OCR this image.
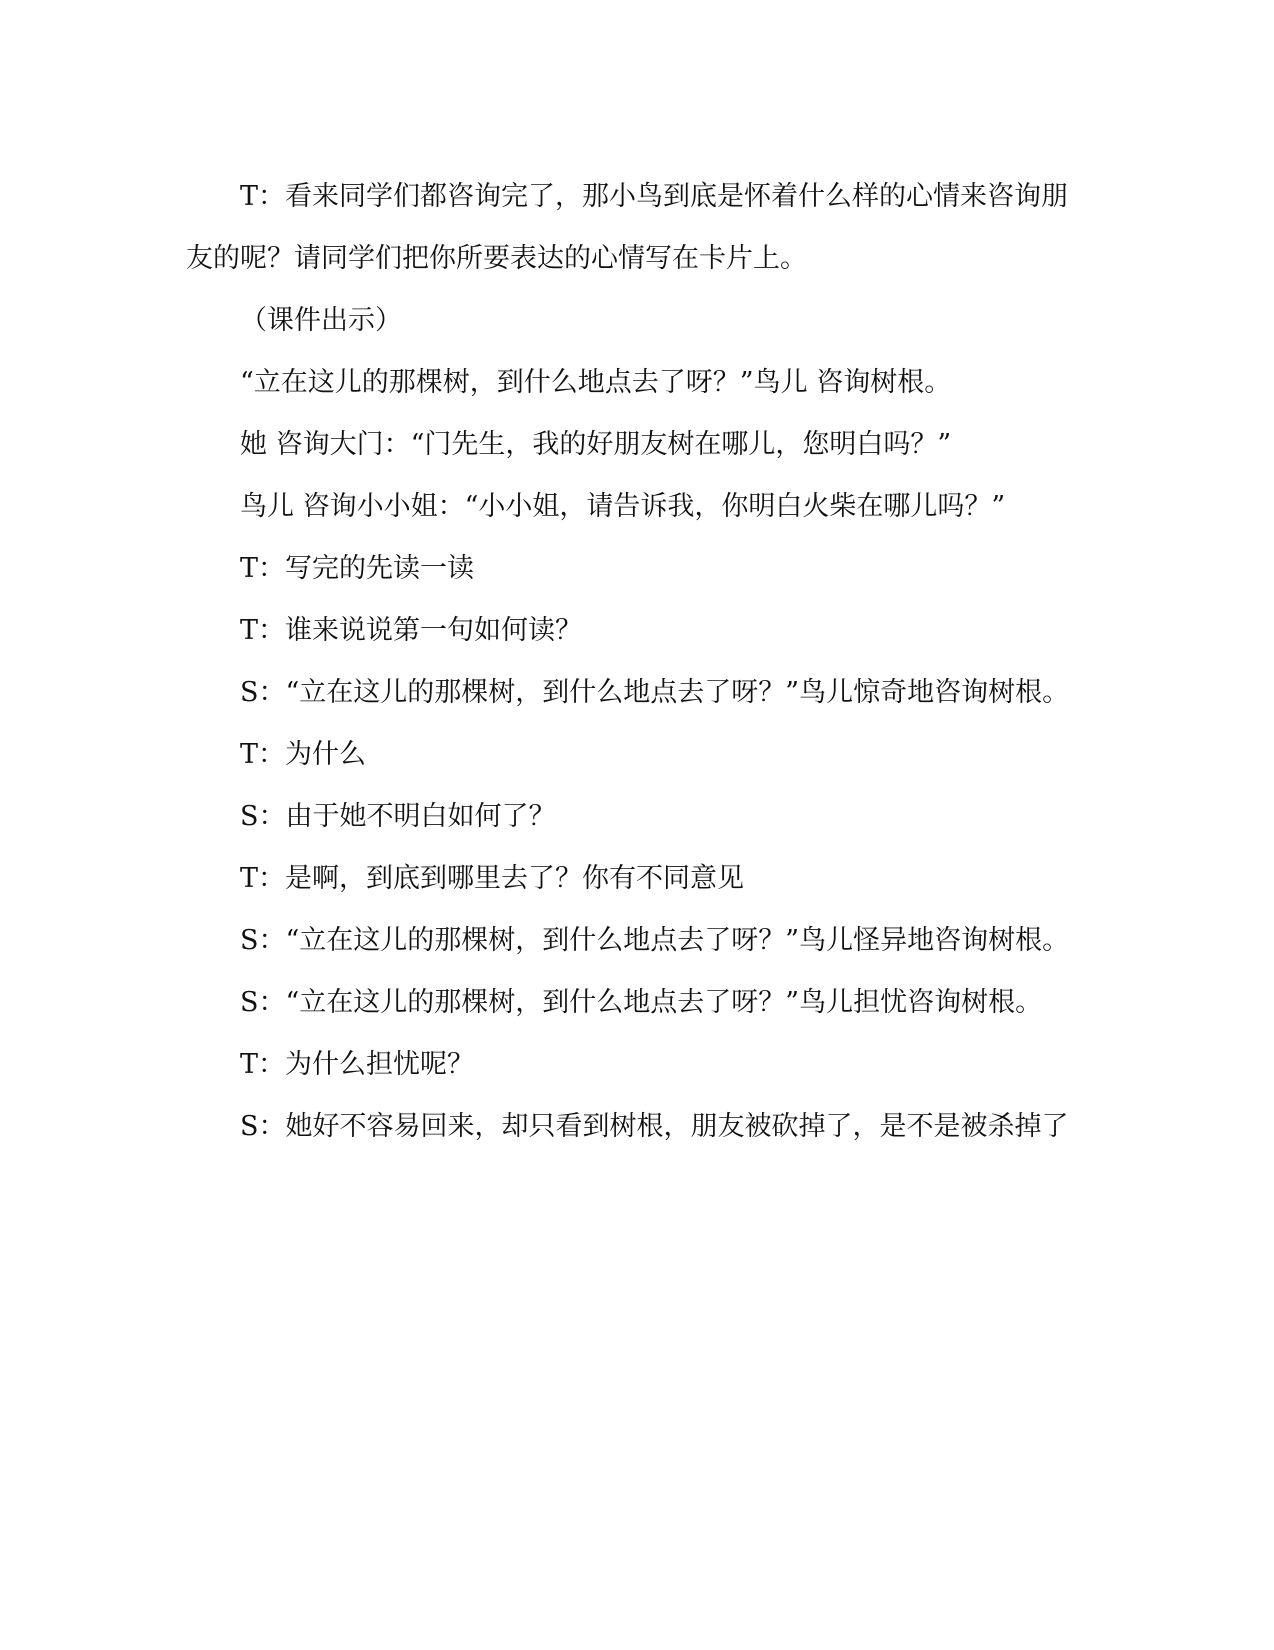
T：看来同学们都咨询完了，那小鸟到底是怀着什么样的心情来咨询朋友的呢？请同学们把你所要表达的心情写在卡片上。

（课件出示）

“立在这儿的那棵树，到什么地点去了呀？”鸟儿 咨询树根。

她 咨询大门：“门先生，我的好朋友树在哪儿，您明白吗？”

鸟儿 咨询小小姐：“小小姐，请告诉我，你明白火柴在哪儿吗？”

T：写完的先读一读

T：谁来说说第一句如何读？

S：“立在这儿的那棵树，到什么地点去了呀？”鸟儿惊奇地咨询树根。

T：为什么

S：由于她不明白如何了？

T：是啊，到底到哪里去了？你有不同意见

S：“立在这儿的那棵树，到什么地点去了呀？”鸟儿怪异地咨询树根。

S：“立在这儿的那棵树，到什么地点去了呀？”鸟儿担忧咨询树根。

T：为什么担忧呢？

S：她好不容易回来，却只看到树根，朋友被砍掉了，是不是被杀掉了
